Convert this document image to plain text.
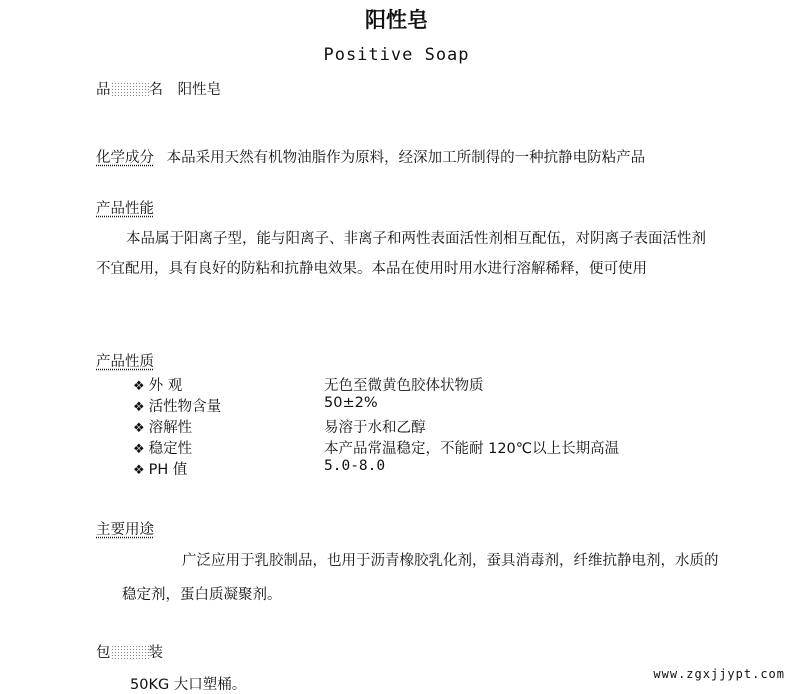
阳性皂
Positive Soap
品	名 阳性皂
化学成分 本品采用天然有机物油脂作为原料，经深加工所制得的一种抗静电防粘产品
产品性能
本品属于阳离子型，能与阳离子、非离子和两性表面活性剂相互配伍，对阴离子表面活性剂不宜配用，具有良好的防粘和抗静电效果。本品在使用时用水进行溶解稀释，便可使用
产品性质
❖ 外 观	无色至微黄色胶体状物质
❖ 活性物含量	50±2%
❖ 溶解性	易溶于水和乙醇
❖ 稳定性	本产品常温稳定，不能耐 120℃以上长期高温
❖ PH 值	5.0-8.0
主要用途
广泛应用于乳胶制品，也用于沥青橡胶乳化剂，蚕具消毒剂，纤维抗静电剂，水质的稳定剂，蛋白质凝聚剂。
包	装
50KG 大口塑桶。
www.zgxjjypt.com
